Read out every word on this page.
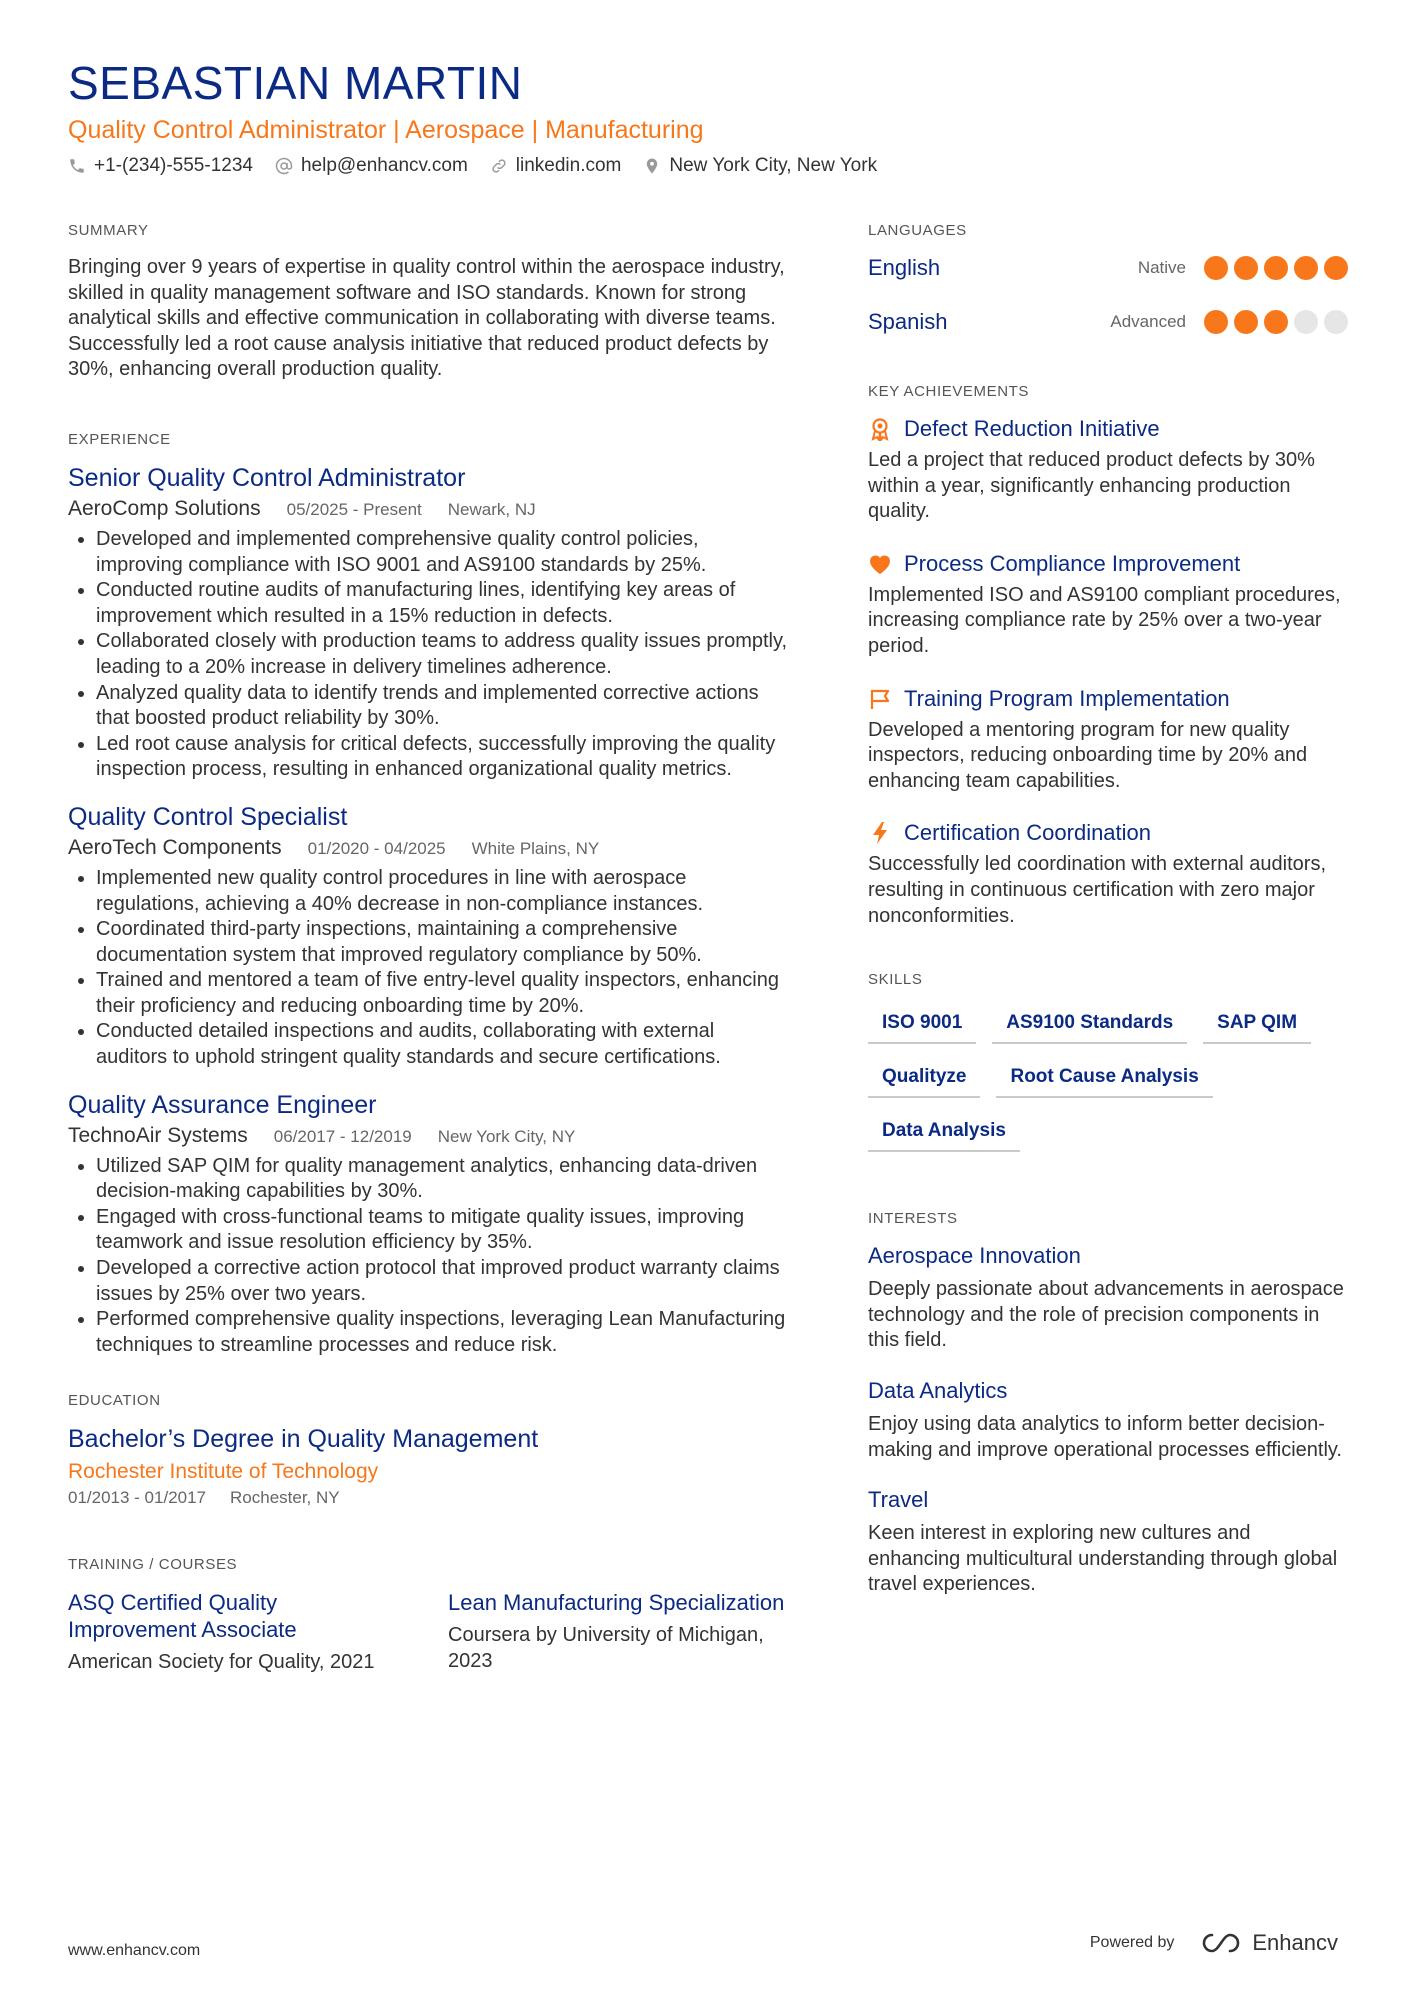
SEBASTIAN MARTIN
Quality Control Administrator | Aerospace | Manufacturing
+1-(234)-555-1234	help@enhancv.com	linkedin.com	New York City, New York
SUMMARY
Bringing over 9 years of expertise in quality control within the aerospace industry, skilled in quality management software and ISO standards. Known for strong analytical skills and effective communication in collaborating with diverse teams. Successfully led a root cause analysis initiative that reduced product defects by 30%, enhancing overall production quality.
EXPERIENCE
Senior Quality Control Administrator
AeroComp Solutions 05/2025 - Present Newark, NJ
• Developed and implemented comprehensive quality control policies, improving compliance with ISO 9001 and AS9100 standards by 25%.
• Conducted routine audits of manufacturing lines, identifying key areas of improvement which resulted in a 15% reduction in defects.
• Collaborated closely with production teams to address quality issues promptly, leading to a 20% increase in delivery timelines adherence.
• Analyzed quality data to identify trends and implemented corrective actions that boosted product reliability by 30%.
• Led root cause analysis for critical defects, successfully improving the quality inspection process, resulting in enhanced organizational quality metrics.
Quality Control Specialist
AeroTech Components 01/2020 - 04/2025 White Plains, NY
• Implemented new quality control procedures in line with aerospace regulations, achieving a 40% decrease in non-compliance instances.
• Coordinated third-party inspections, maintaining a comprehensive documentation system that improved regulatory compliance by 50%.
• Trained and mentored a team of five entry-level quality inspectors, enhancing their proficiency and reducing onboarding time by 20%.
• Conducted detailed inspections and audits, collaborating with external auditors to uphold stringent quality standards and secure certifications.
Quality Assurance Engineer
TechnoAir Systems 06/2017 - 12/2019 New York City, NY
• Utilized SAP QIM for quality management analytics, enhancing data-driven decision-making capabilities by 30%.
• Engaged with cross-functional teams to mitigate quality issues, improving teamwork and issue resolution efficiency by 35%.
• Developed a corrective action protocol that improved product warranty claims issues by 25% over two years.
• Performed comprehensive quality inspections, leveraging Lean Manufacturing techniques to streamline processes and reduce risk.
EDUCATION
Bachelor’s Degree in Quality Management
Rochester Institute of Technology
01/2013 - 01/2017 Rochester, NY
TRAINING / COURSES
ASQ Certified Quality Improvement Associate
American Society for Quality, 2021
Lean Manufacturing Specialization
Coursera by University of Michigan, 2023
LANGUAGES
English	Native
Spanish	Advanced
KEY ACHIEVEMENTS
Defect Reduction Initiative
Led a project that reduced product defects by 30% within a year, significantly enhancing production quality.
Process Compliance Improvement
Implemented ISO and AS9100 compliant procedures, increasing compliance rate by 25% over a two-year period.
Training Program Implementation
Developed a mentoring program for new quality inspectors, reducing onboarding time by 20% and enhancing team capabilities.
Certification Coordination
Successfully led coordination with external auditors, resulting in continuous certification with zero major nonconformities.
SKILLS
ISO 9001	AS9100 Standards	SAP QIM
Qualityze	Root Cause Analysis
Data Analysis
INTERESTS
Aerospace Innovation
Deeply passionate about advancements in aerospace technology and the role of precision components in this field.
Data Analytics
Enjoy using data analytics to inform better decision-making and improve operational processes efficiently.
Travel
Keen interest in exploring new cultures and enhancing multicultural understanding through global travel experiences.
www.enhancv.com	Powered by	Enhancv
